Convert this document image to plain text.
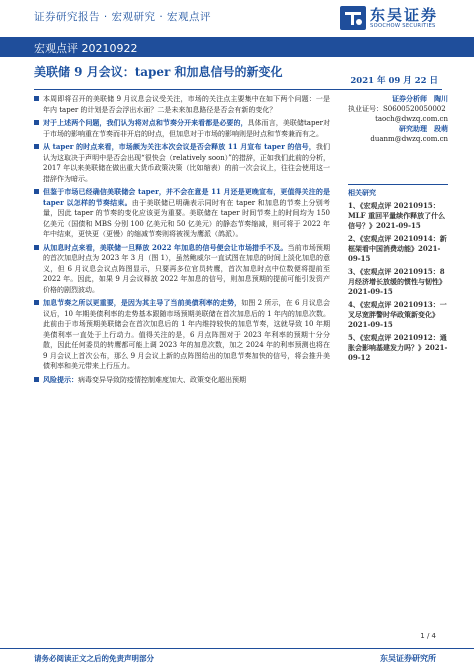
证券研究报告 · 宏观研究 · 宏观点评	东吴证券
SOOCHOW SECURITIES
宏观点评 20210922
美联储 9 月会议：taper 和加息信号的新变化
2021 年 09 月 22 日
本周即将召开的美联储 9 月议息会议受关注，市场的关注点主要集中在如下两个问题：一是年内 taper 的计划是否会浮出水面？二是未来加息路径是否会有新的变化？
对于上述两个问题，我们认为将对点和节奏分开来看都是必要的，具体而言，美联储taper对于市场的影响重在节奏而非开启的时点，但加息对于市场的影响则是时点和节奏兼而有之。
从 taper 的时点来看，市场颇为关注本次会议是否会释放 11 月宣布 taper 的信号，我们认为这取决于声明中是否会出现“很快会（relatively soon）”的措辞，正如我们此前的分析，2017 年以来美联储在做出重大货币政策决策（比如缩表）的前一次会议上，往往会使用这一措辞作为暗示。
但鉴于市场已经确信美联储会 taper，并不会在意是 11 月还是更晚宣布，更值得关注的是 taper 以怎样的节奏结束。由于美联储已明确表示同时有在 taper 和加息的节奏上分别考量，因此 taper 的节奏的变化应该更为重要。美联储在 taper 时间节奏上的时间均为 150 亿美元（国债和 MBS 分别 100 亿美元和 50 亿美元）的静态节奏缩减，则可将于 2022 年年中结束，更快更（更慢）的缩减节奏则将被视为鹰派（鸽派）。
从加息时点来看，美联储一旦释放 2022 年加息的信号便会让市场措手不及。当前市场预期的首次加息时点为 2023 年 3 月（图 1），虽然鲍威尔一直试图在加息的时间上淡化加息的意义，但 6 月议息会议点阵图显示，只要再多位官员转鹰，首次加息时点中位数便将提前至 2022 年。因此，如果 9 月会议释放 2022 年加息的信号，则加息预期的提前可能引发资产价格的剧烈波动。
加息节奏之所以更重要，是因为其主导了当前美债利率的走势，如图 2 所示，在 6 月议息会议后，10 年期美债利率的走势基本跟随市场预期美联储在首次加息后的 1 年内的加息次数。此前由于市场预期美联储会在首次加息后的 1 年内维持较快的加息节奏，这就导致 10 年期美债利率一直处于上行动力。值得关注的是，6 月点阵图对于 2023 年利率的预期十分分散，因此任何委员的转鹰都可能上调 2023 年的加息次数，加之 2024 年的利率预测也将在 9 月会议上首次公布，那么 9 月会议上新的点阵图给出的加息节奏加快的信号，将会推升美债利率和美元带来上行压力。
风险提示：病毒变异导致防疫情控制难度加大、政策变化超出预期
证券分析师　陶川
执业证号：S0600520050002
taoch@dwzq.com.cn
研究助理　段萌
duanm@dwzq.com.cn
相关研究
1、《宏观点评 20210915：MLF 重回平量续作释放了什么信号？》2021-09-15
2、《宏观点评 20210914：新框架看中国消费动能》2021-09-15
3、《宏观点评 20210915：8 月经济增长放缓的惯性与韧性》2021-09-15
4、《宏观点评 20210913：一叉尽宽胖警时华政策新变化》2021-09-15
5、《宏观点评 20210912：通胀会影响基建发力吗？》2021-09-12
1 / 4
请务必阅读正文之后的免责声明部分	东吴证券研究所
